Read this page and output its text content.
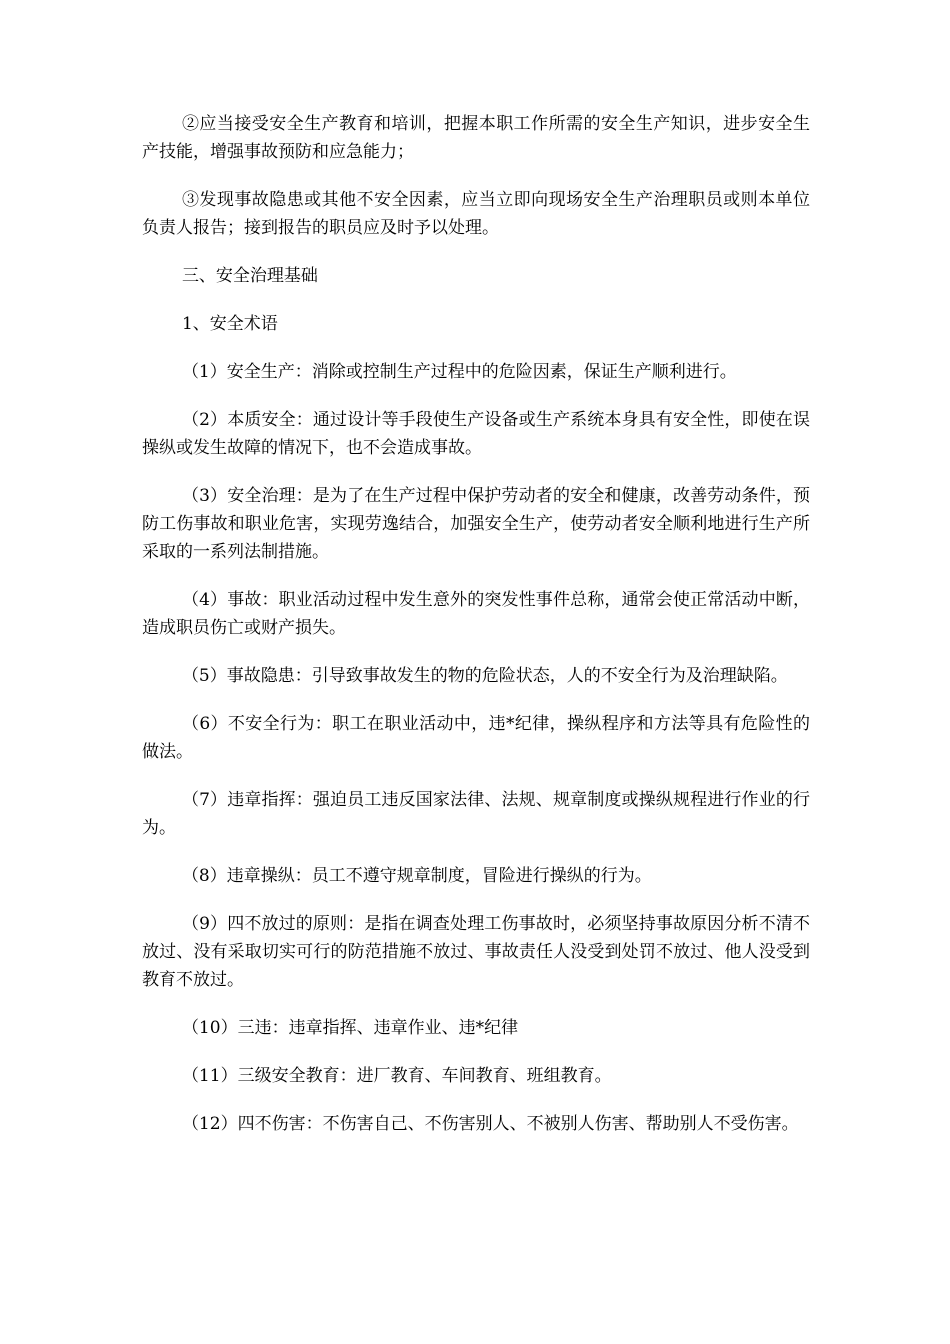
②应当接受安全生产教育和培训，把握本职工作所需的安全生产知识，进步安全生产技能，增强事故预防和应急能力；

③发现事故隐患或其他不安全因素，应当立即向现场安全生产治理职员或则本单位负责人报告；接到报告的职员应及时予以处理。

三、安全治理基础

1、安全术语

（1）安全生产：消除或控制生产过程中的危险因素，保证生产顺利进行。

（2）本质安全：通过设计等手段使生产设备或生产系统本身具有安全性，即使在误操纵或发生故障的情况下，也不会造成事故。

（3）安全治理：是为了在生产过程中保护劳动者的安全和健康，改善劳动条件，预防工伤事故和职业危害，实现劳逸结合，加强安全生产，使劳动者安全顺利地进行生产所采取的一系列法制措施。

（4）事故：职业活动过程中发生意外的突发性事件总称，通常会使正常活动中断，造成职员伤亡或财产损失。

（5）事故隐患：引导致事故发生的物的危险状态，人的不安全行为及治理缺陷。

（6）不安全行为：职工在职业活动中，违*纪律，操纵程序和方法等具有危险性的做法。

（7）违章指挥：强迫员工违反国家法律、法规、规章制度或操纵规程进行作业的行为。

（8）违章操纵：员工不遵守规章制度，冒险进行操纵的行为。

（9）四不放过的原则：是指在调查处理工伤事故时，必须坚持事故原因分析不清不放过、没有采取切实可行的防范措施不放过、事故责任人没受到处罚不放过、他人没受到教育不放过。

（10）三违：违章指挥、违章作业、违*纪律

（11）三级安全教育：进厂教育、车间教育、班组教育。

（12）四不伤害：不伤害自己、不伤害别人、不被别人伤害、帮助别人不受伤害。
